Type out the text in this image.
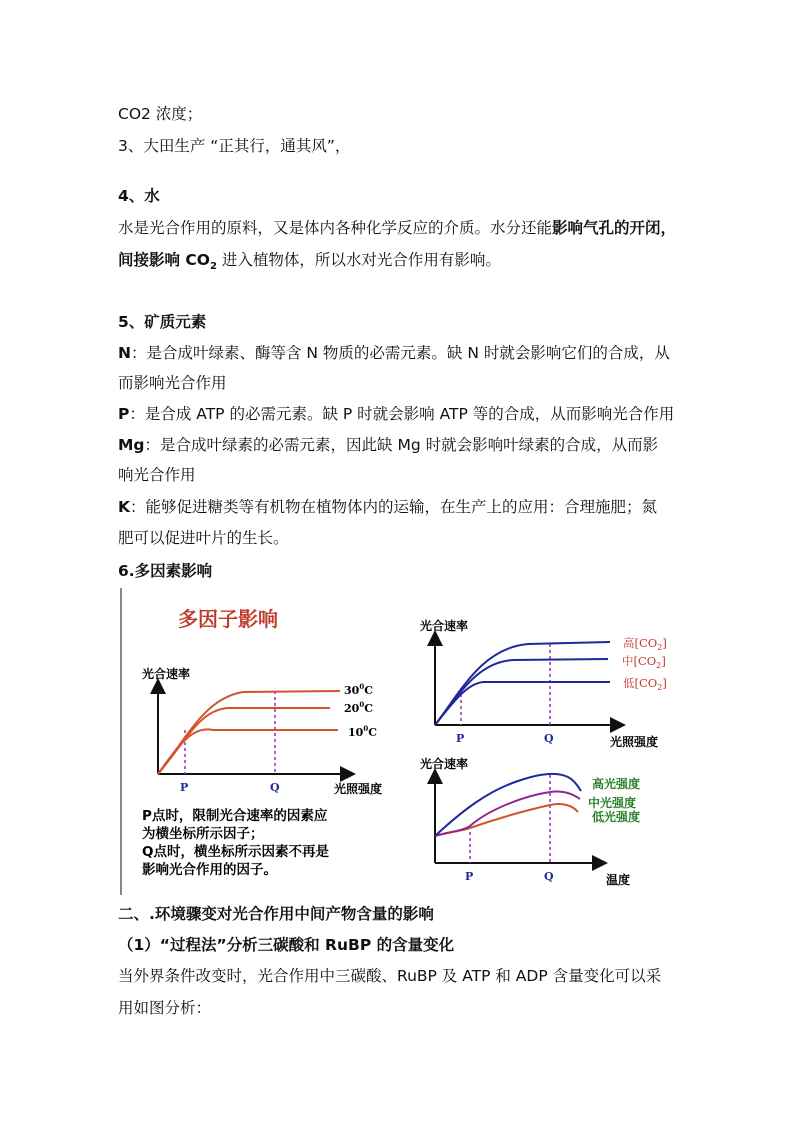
CO2 浓度；
3、大田生产 “正其行，通其风”，
4、水
水是光合作用的原料，又是体内各种化学反应的介质。水分还能影响气孔的开闭，
间接影响 $CO_2$ 进入植物体，所以水对光合作用有影响。
5、矿质元素
N：是合成叶绿素、酶等含 N 物质的必需元素。缺 N 时就会影响它们的合成，从
而影响光合作用
P：是合成 ATP 的必需元素。缺 P 时就会影响 ATP 等的合成，从而影响光合作用
Mg：是合成叶绿素的必需元素，因此缺 Mg 时就会影响叶绿素的合成，从而影
响光合作用
K：能够促进糖类等有机物在植物体内的运输，在生产上的应用：合理施肥；氮
肥可以促进叶片的生长。
6.多因素影响
多因子影响
光合速率
$30^0C$
$20^0C$
$10^0C$
P	Q	光照强度
P点时，限制光合速率的因素应
为横坐标所示因子；
Q点时，横坐标所示因素不再是
影响光合作用的因子。
光合速率
高$[CO_2]$
中$[CO_2]$
低$[CO_2]$
P	Q	光照强度
光合速率
高光强度
中光强度
低光强度
P	Q	温度
二、.环境骤变对光合作用中间产物含量的影响
（1）“过程法”分析三碳酸和 RuBP 的含量变化
当外界条件改变时，光合作用中三碳酸、RuBP 及 ATP 和 ADP 含量变化可以采
用如图分析：
